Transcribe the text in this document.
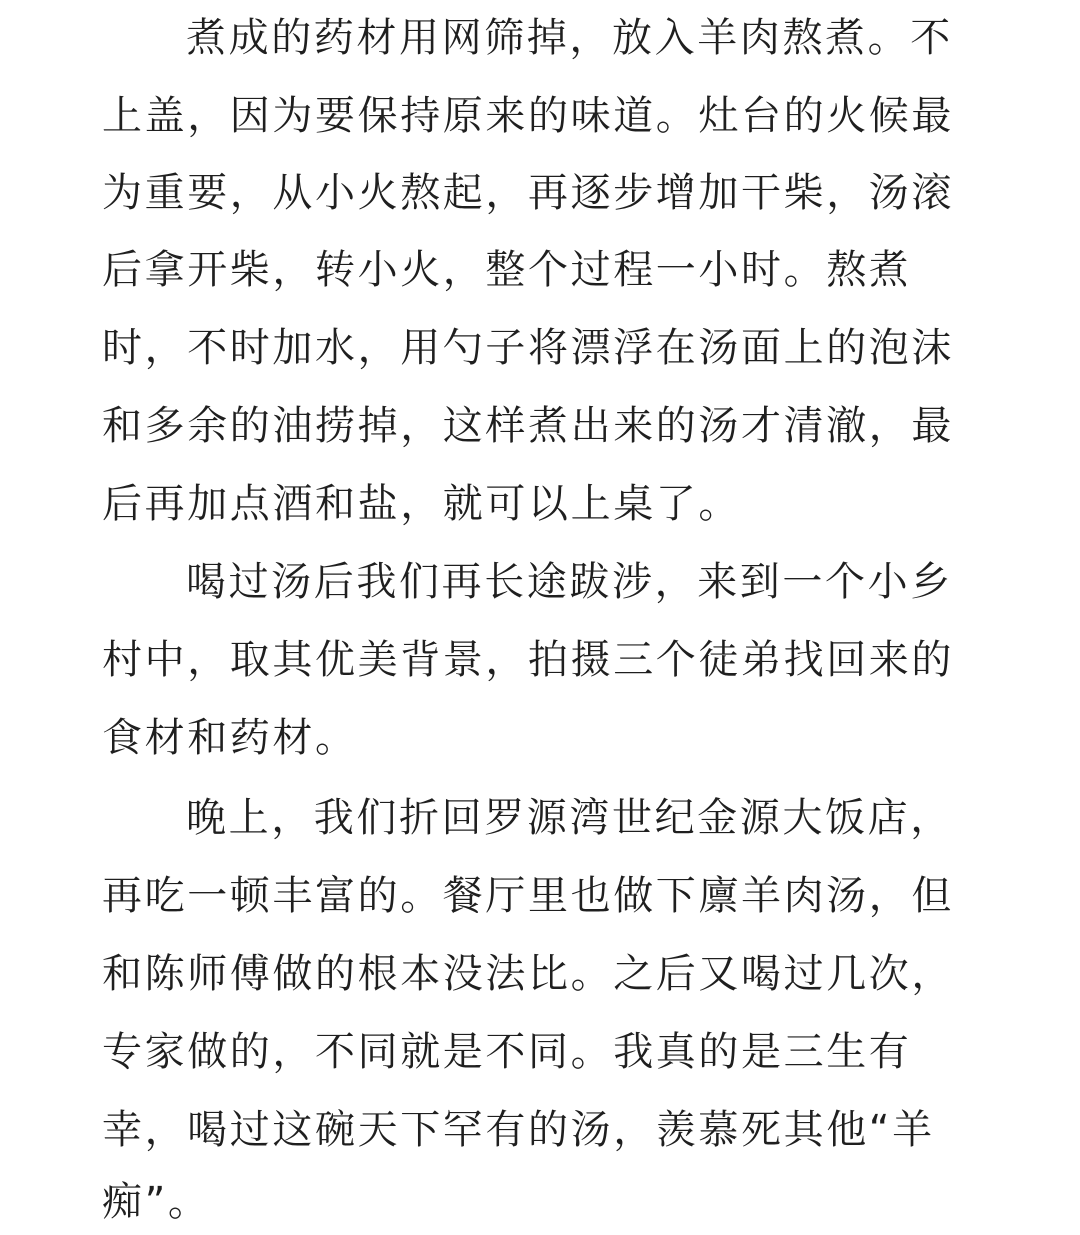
煮成的药材用网筛掉，放入羊肉熬煮。不
上盖，因为要保持原来的味道。灶台的火候最
为重要，从小火熬起，再逐步增加干柴，汤滚
后拿开柴，转小火，整个过程一小时。熬煮
时，不时加水，用勺子将漂浮在汤面上的泡沫
和多余的油捞掉，这样煮出来的汤才清澈，最
后再加点酒和盐，就可以上桌了。
喝过汤后我们再长途跋涉，来到一个小乡
村中，取其优美背景，拍摄三个徒弟找回来的
食材和药材。
晚上，我们折回罗源湾世纪金源大饭店，
再吃一顿丰富的。餐厅里也做下廪羊肉汤，但
和陈师傅做的根本没法比。之后又喝过几次，
专家做的，不同就是不同。我真的是三生有
幸，喝过这碗天下罕有的汤，羡慕死其他“羊
痴”。
